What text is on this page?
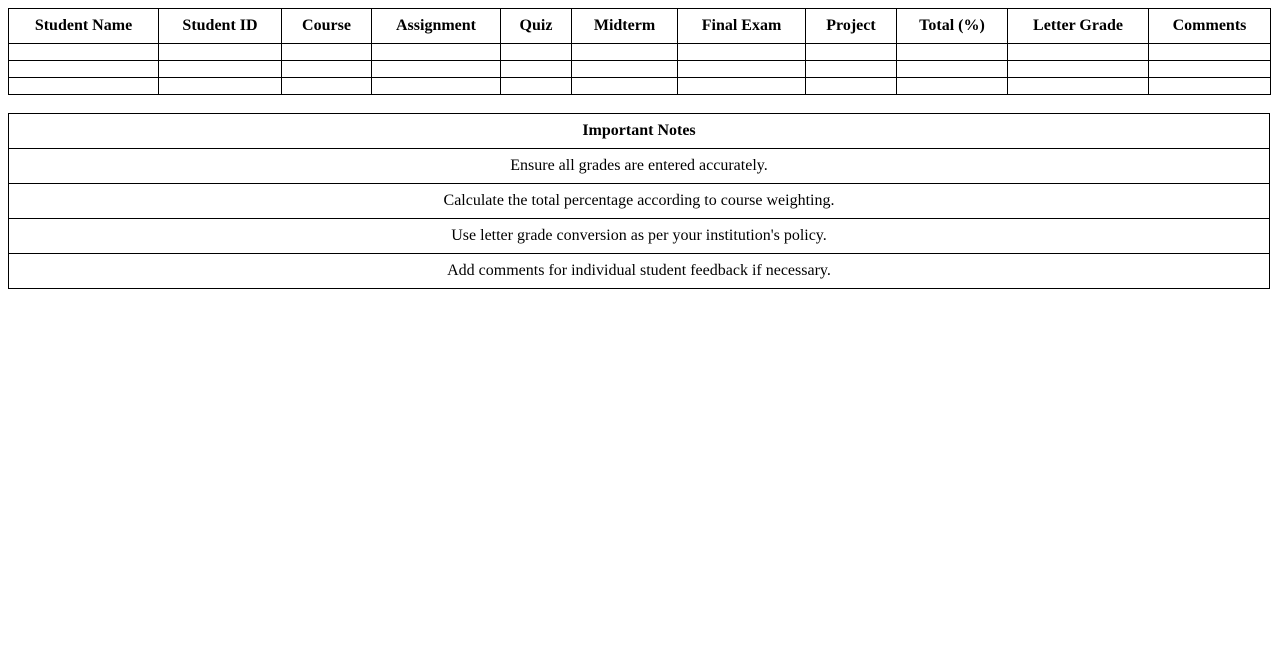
Student Name	Student ID	Course	Assignment	Quiz	Midterm	Final Exam	Project	Total (%)	Letter Grade	Comments

Important Notes
Ensure all grades are entered accurately.
Calculate the total percentage according to course weighting.
Use letter grade conversion as per your institution's policy.
Add comments for individual student feedback if necessary.
